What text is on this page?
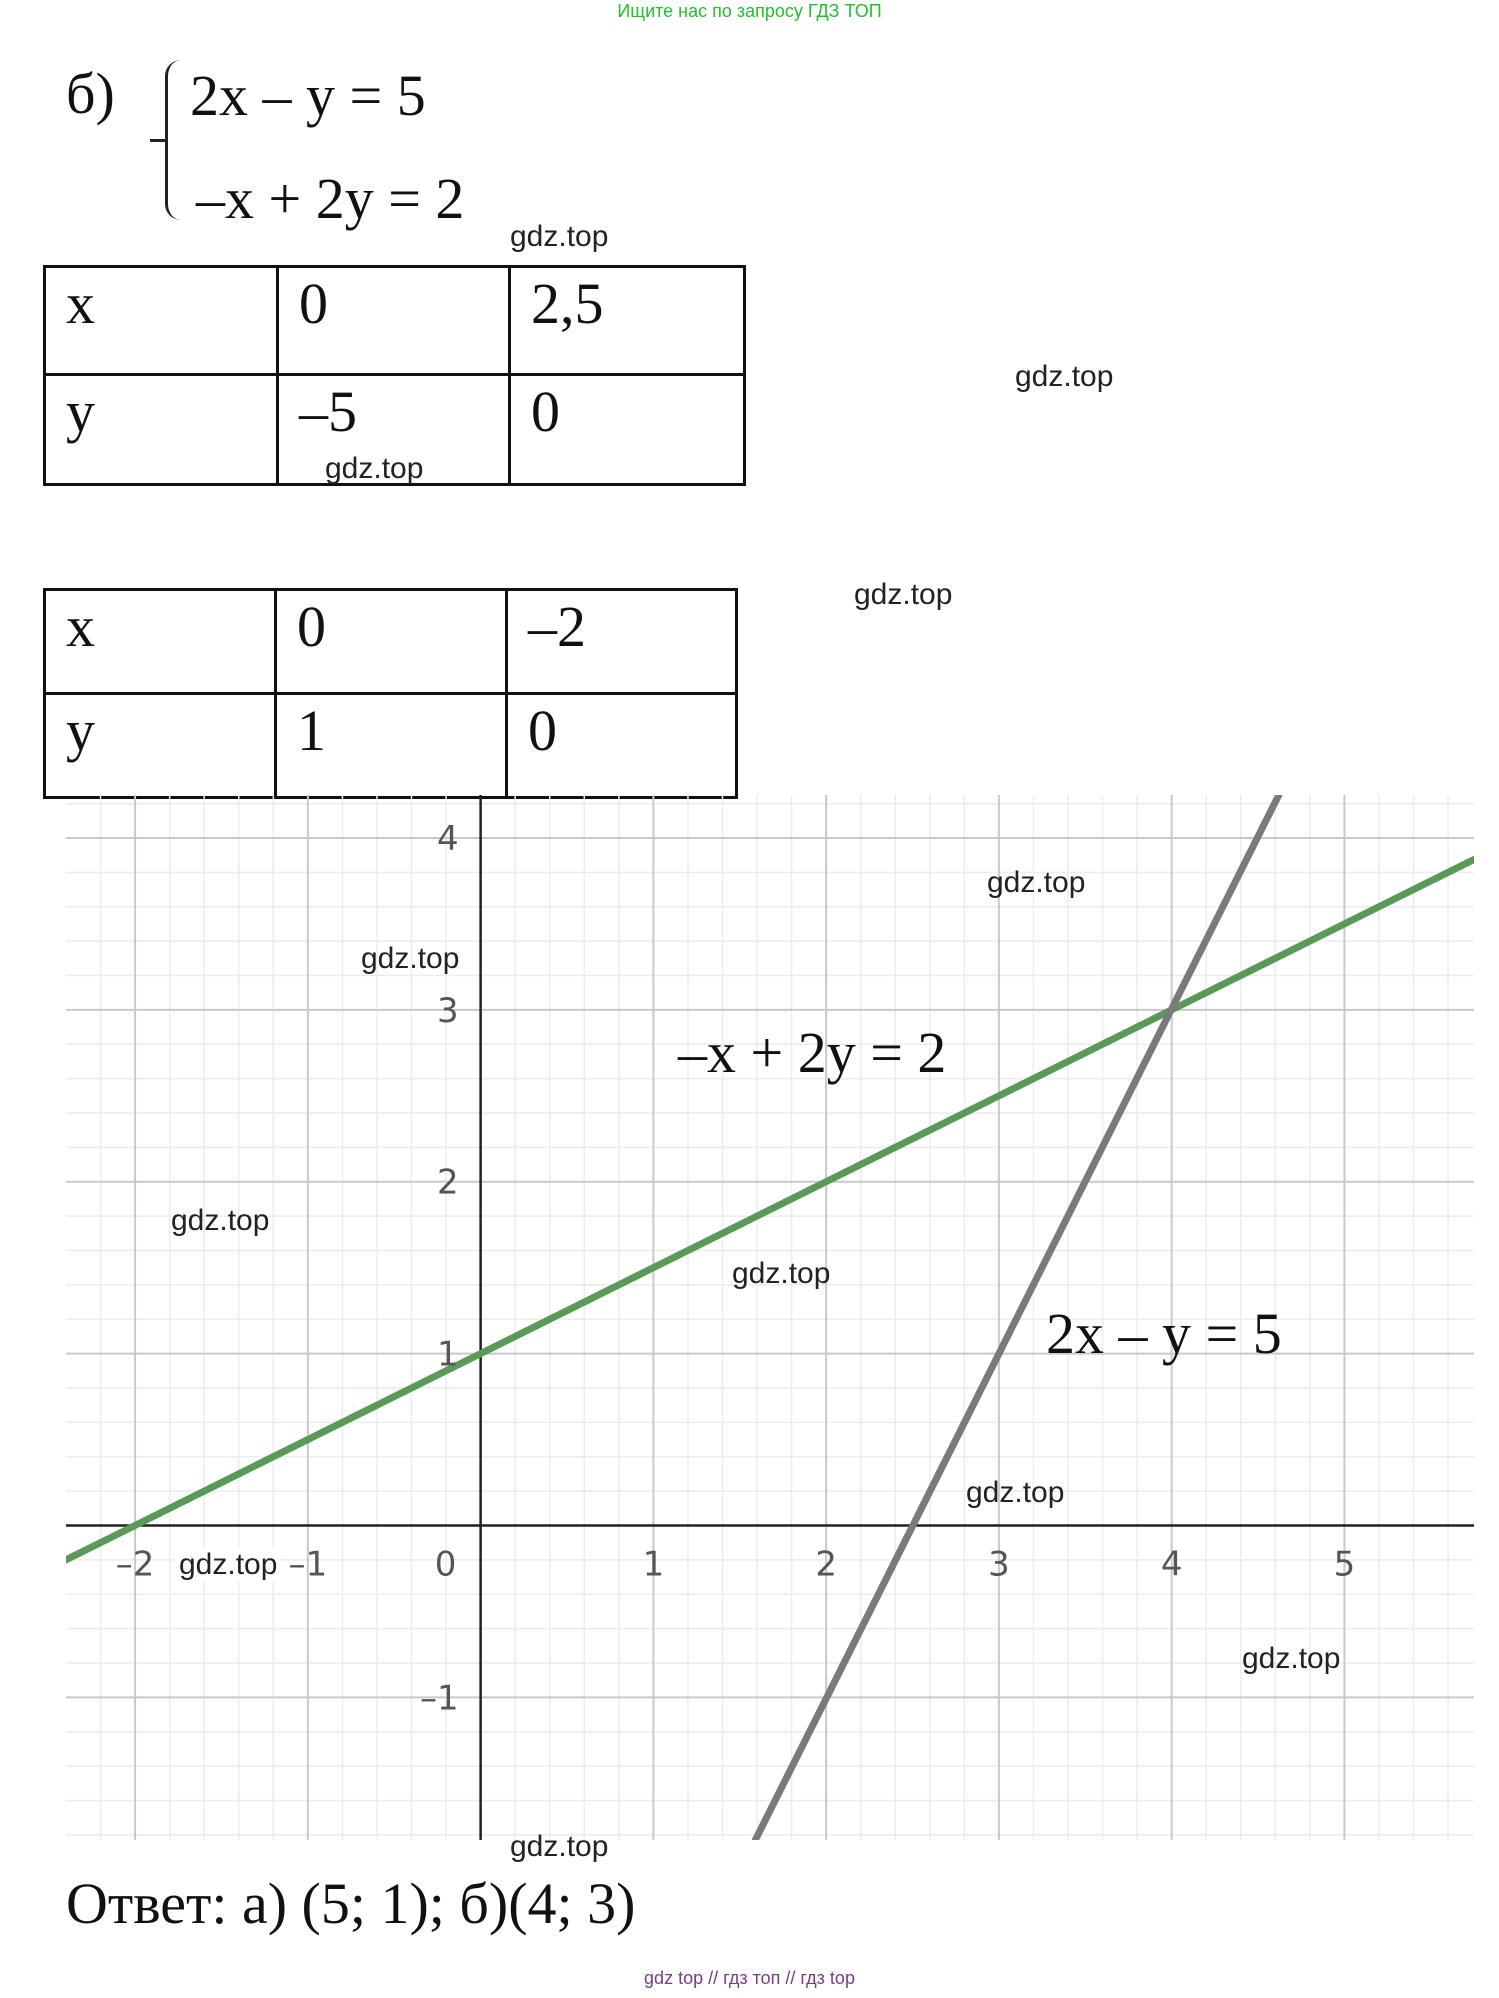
Ищите нас по запросу ГДЗ ТОП
б) 2x – y = 5
–x + 2y = 2
x	0	2,5
y	–5	0
x	0	–2
y	1	0
–2	–1	0	1	2	3	4	5
4
3
2
1
–1
–x + 2y = 2
2x – y = 5
gdz.top
gdz.top
gdz.top
gdz.top
gdz.top
gdz.top
gdz.top
gdz.top
gdz.top
gdz.top
gdz.top
gdz.top
Ответ: а) (5; 1); б)(4; 3)
gdz top // гдз топ // гдз top
